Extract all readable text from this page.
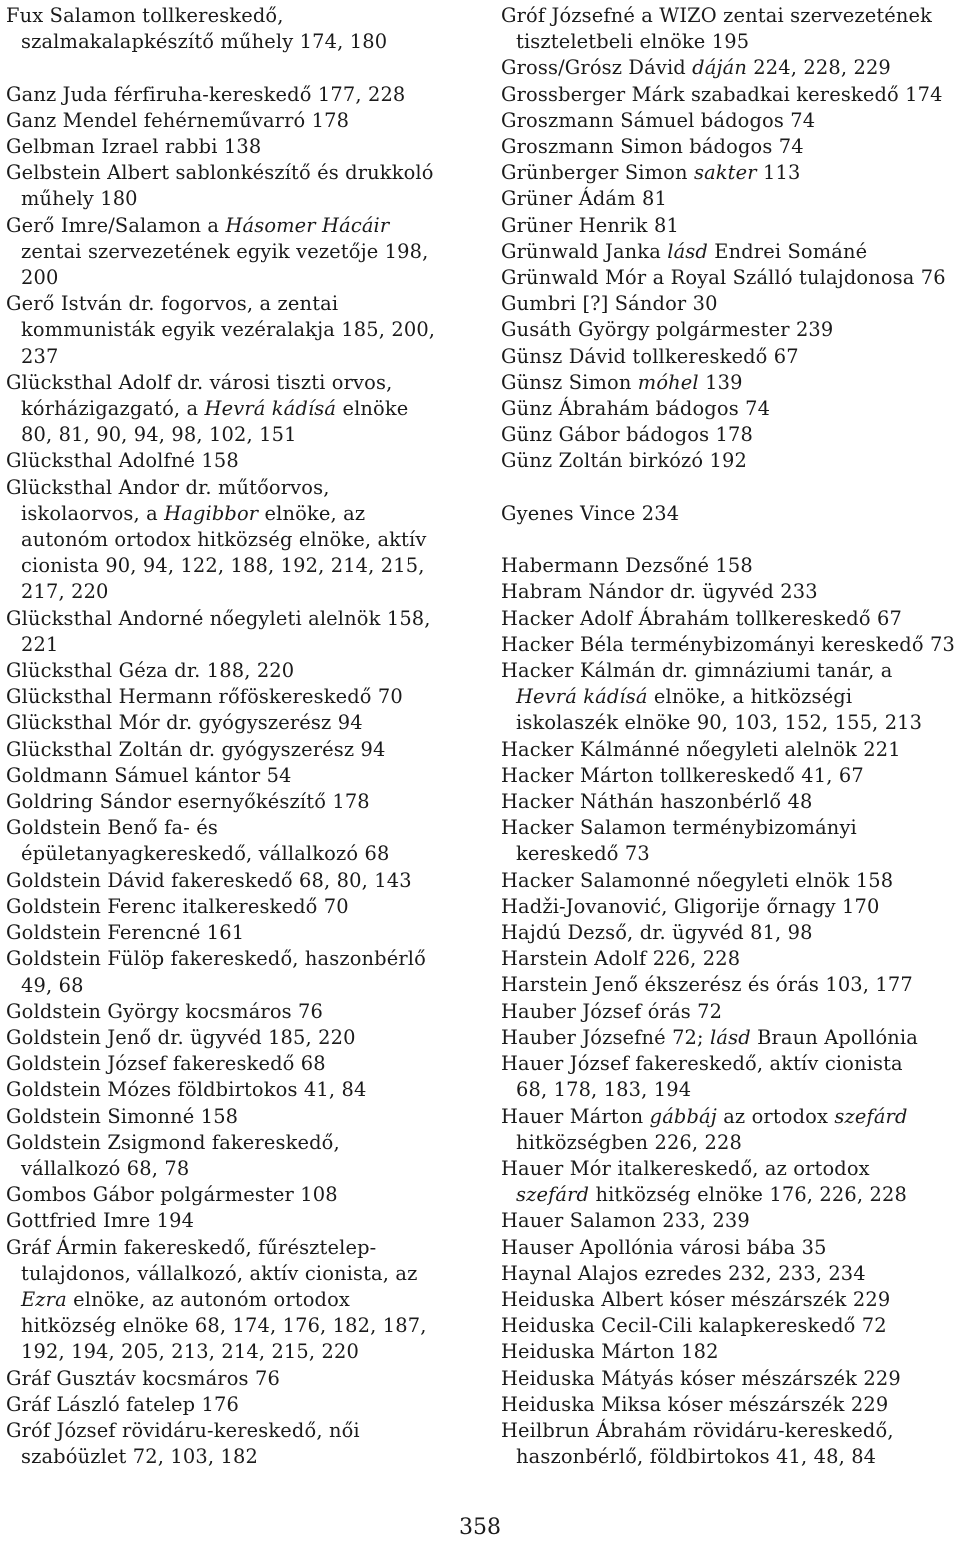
Fux Salamon tollkereskedő,
szalmakalapkészítő műhely 174, 180
Ganz Juda férfiruha-kereskedő 177, 228
Ganz Mendel fehérneművarró 178
Gelbman Izrael rabbi 138
Gelbstein Albert sablonkészítő és drukkoló
műhely 180
Gerő Imre/Salamon a Hásomer Hácáir
zentai szervezetének egyik vezetője 198,
200
Gerő István dr. fogorvos, a zentai
kommunisták egyik vezéralakja 185, 200,
237
Glücksthal Adolf dr. városi tiszti orvos,
kórházigazgató, a Hevrá kádísá elnöke
80, 81, 90, 94, 98, 102, 151
Glücksthal Adolfné 158
Glücksthal Andor dr. műtőorvos,
iskolaorvos, a Hagibbor elnöke, az
autonóm ortodox hitközség elnöke, aktív
cionista 90, 94, 122, 188, 192, 214, 215,
217, 220
Glücksthal Andorné nőegyleti alelnök 158,
221
Glücksthal Géza dr. 188, 220
Glücksthal Hermann rőföskereskedő 70
Glücksthal Mór dr. gyógyszerész 94
Glücksthal Zoltán dr. gyógyszerész 94
Goldmann Sámuel kántor 54
Goldring Sándor esernyőkészítő 178
Goldstein Benő fa- és
épületanyagkereskedő, vállalkozó 68
Goldstein Dávid fakereskedő 68, 80, 143
Goldstein Ferenc italkereskedő 70
Goldstein Ferencné 161
Goldstein Fülöp fakereskedő, haszonbérlő
49, 68
Goldstein György kocsmáros 76
Goldstein Jenő dr. ügyvéd 185, 220
Goldstein József fakereskedő 68
Goldstein Mózes földbirtokos 41, 84
Goldstein Simonné 158
Goldstein Zsigmond fakereskedő,
vállalkozó 68, 78
Gombos Gábor polgármester 108
Gottfried Imre 194
Gráf Ármin fakereskedő, fűrésztelep-
tulajdonos, vállalkozó, aktív cionista, az
Ezra elnöke, az autonóm ortodox
hitközség elnöke 68, 174, 176, 182, 187,
192, 194, 205, 213, 214, 215, 220
Gráf Gusztáv kocsmáros 76
Gráf László fatelep 176
Gróf József rövidáru-kereskedő, női
szabóüzlet 72, 103, 182
Gróf Józsefné a WIZO zentai szervezetének
tiszteletbeli elnöke 195
Gross/Grósz Dávid dáján 224, 228, 229
Grossberger Márk szabadkai kereskedő 174
Groszmann Sámuel bádogos 74
Groszmann Simon bádogos 74
Grünberger Simon sakter 113
Grüner Ádám 81
Grüner Henrik 81
Grünwald Janka lásd Endrei Sománé
Grünwald Mór a Royal Szálló tulajdonosa 76
Gumbri [?] Sándor 30
Gusáth György polgármester 239
Günsz Dávid tollkereskedő 67
Günsz Simon móhel 139
Günz Ábrahám bádogos 74
Günz Gábor bádogos 178
Günz Zoltán birkózó 192
Gyenes Vince 234
Habermann Dezsőné 158
Habram Nándor dr. ügyvéd 233
Hacker Adolf Ábrahám tollkereskedő 67
Hacker Béla terménybizományi kereskedő 73
Hacker Kálmán dr. gimnáziumi tanár, a
Hevrá kádísá elnöke, a hitközségi
iskolaszék elnöke 90, 103, 152, 155, 213
Hacker Kálmánné nőegyleti alelnök 221
Hacker Márton tollkereskedő 41, 67
Hacker Náthán haszonbérlő 48
Hacker Salamon terménybizományi
kereskedő 73
Hacker Salamonné nőegyleti elnök 158
Hadži-Jovanović, Gligorije őrnagy 170
Hajdú Dezső, dr. ügyvéd 81, 98
Harstein Adolf 226, 228
Harstein Jenő ékszerész és órás 103, 177
Hauber József órás 72
Hauber Józsefné 72; lásd Braun Apollónia
Hauer József fakereskedő, aktív cionista
68, 178, 183, 194
Hauer Márton gábbáj az ortodox szefárd
hitközségben 226, 228
Hauer Mór italkereskedő, az ortodox
szefárd hitközség elnöke 176, 226, 228
Hauer Salamon 233, 239
Hauser Apollónia városi bába 35
Haynal Alajos ezredes 232, 233, 234
Heiduska Albert kóser mészárszék 229
Heiduska Cecil-Cili kalapkereskedő 72
Heiduska Márton 182
Heiduska Mátyás kóser mészárszék 229
Heiduska Miksa kóser mészárszék 229
Heilbrun Ábrahám rövidáru-kereskedő,
haszonbérlő, földbirtokos 41, 48, 84
358
